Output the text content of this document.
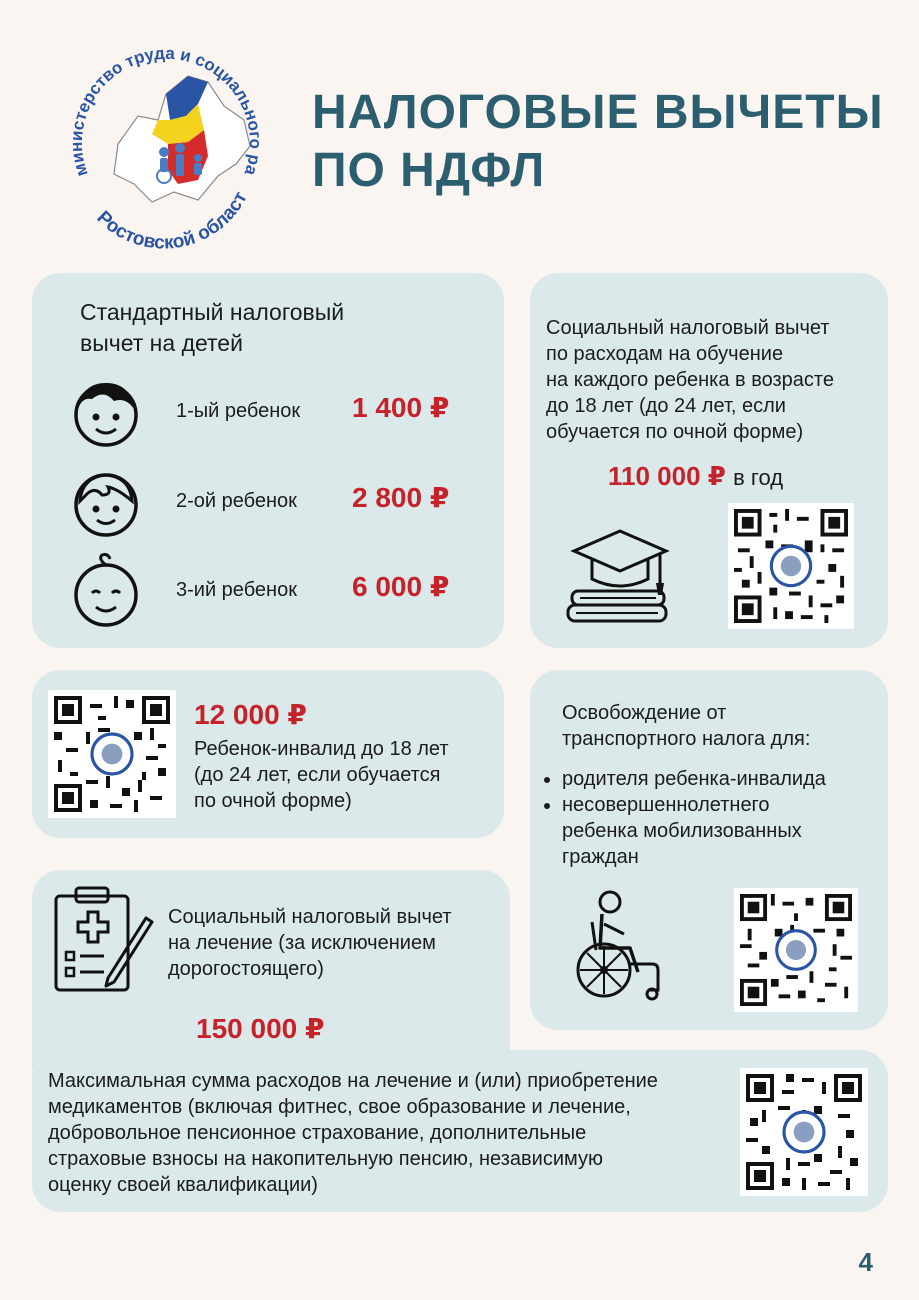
министерство труда и социального ра
Ростовской област
НАЛОГОВЫЕ ВЫЧЕТЫ
ПО НДФЛ
Стандартный налоговый
вычет на детей
1-ый ребенок 1 400 ₽
2-ой ребенок 2 800 ₽
3-ий ребенок 6 000 ₽
Социальный налоговый вычет
по расходам на обучение
на каждого ребенка в возрасте
до 18 лет (до 24 лет, если
обучается по очной форме)
110 000 ₽ в год
12 000 ₽
Ребенок-инвалид до 18 лет
(до 24 лет, если обучается
по очной форме)
Освобождение от
транспортного налога для:
• родителя ребенка-инвалида
• несовершеннолетнего
ребенка мобилизованных
граждан
Социальный налоговый вычет
на лечение (за исключением
дорогостоящего)
150 000 ₽
Максимальная сумма расходов на лечение и (или) приобретение
медикаментов (включая фитнес, свое образование и лечение,
добровольное пенсионное страхование, дополнительные
страховые взносы на накопительную пенсию, независимую
оценку своей квалификации)
4
